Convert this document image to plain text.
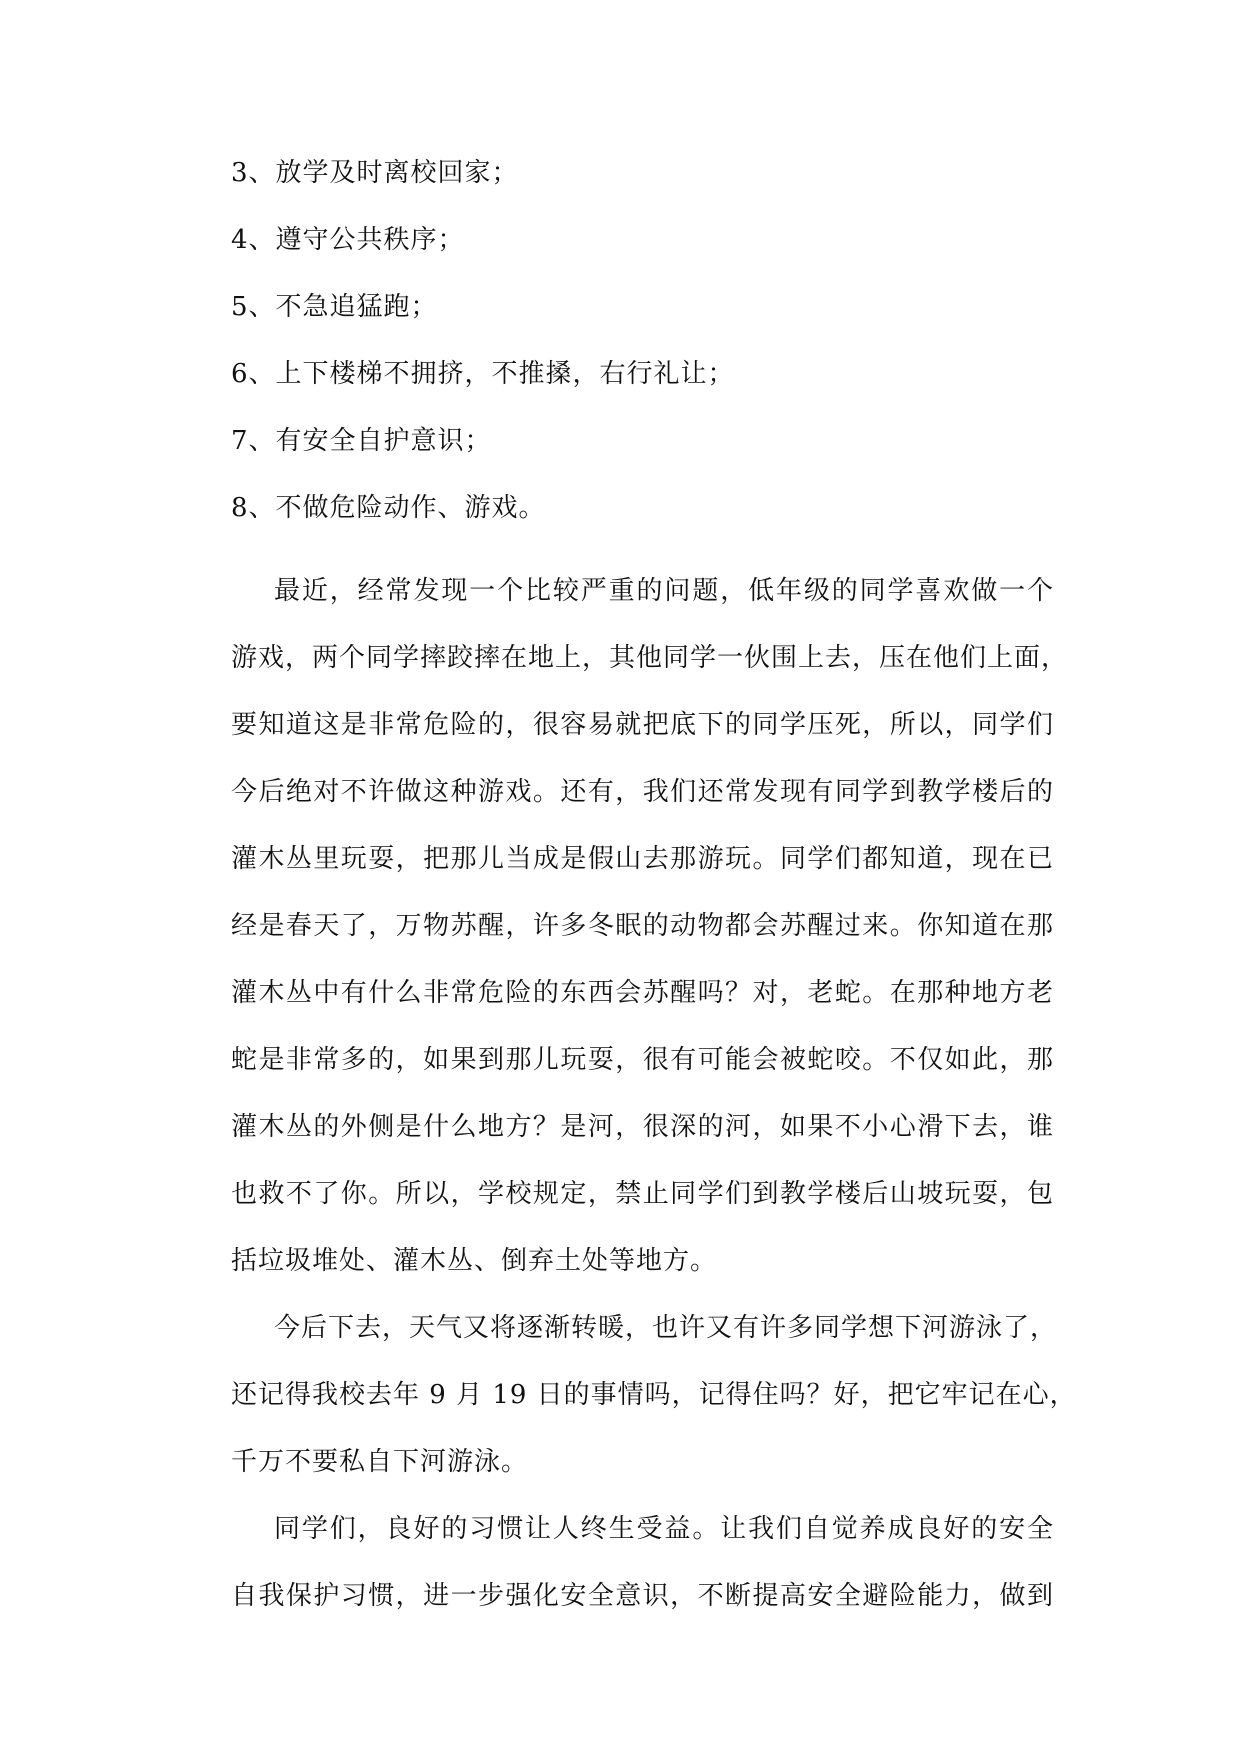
3、放学及时离校回家；
4、遵守公共秩序；
5、不急追猛跑；
6、上下楼梯不拥挤，不推搡，右行礼让；
7、有安全自护意识；
8、不做危险动作、游戏。
最近，经常发现一个比较严重的问题，低年级的同学喜欢做一个
游戏，两个同学摔跤摔在地上，其他同学一伙围上去，压在他们上面，
要知道这是非常危险的，很容易就把底下的同学压死，所以，同学们
今后绝对不许做这种游戏。还有，我们还常发现有同学到教学楼后的
灌木丛里玩耍，把那儿当成是假山去那游玩。同学们都知道，现在已
经是春天了，万物苏醒，许多冬眠的动物都会苏醒过来。你知道在那
灌木丛中有什么非常危险的东西会苏醒吗？对，老蛇。在那种地方老
蛇是非常多的，如果到那儿玩耍，很有可能会被蛇咬。不仅如此，那
灌木丛的外侧是什么地方？是河，很深的河，如果不小心滑下去，谁
也救不了你。所以，学校规定，禁止同学们到教学楼后山坡玩耍，包
括垃圾堆处、灌木丛、倒弃土处等地方。
今后下去，天气又将逐渐转暖，也许又有许多同学想下河游泳了，
还记得我校去年 9 月 19 日的事情吗，记得住吗？好，把它牢记在心，
千万不要私自下河游泳。
同学们，良好的习惯让人终生受益。让我们自觉养成良好的安全
自我保护习惯，进一步强化安全意识，不断提高安全避险能力，做到
